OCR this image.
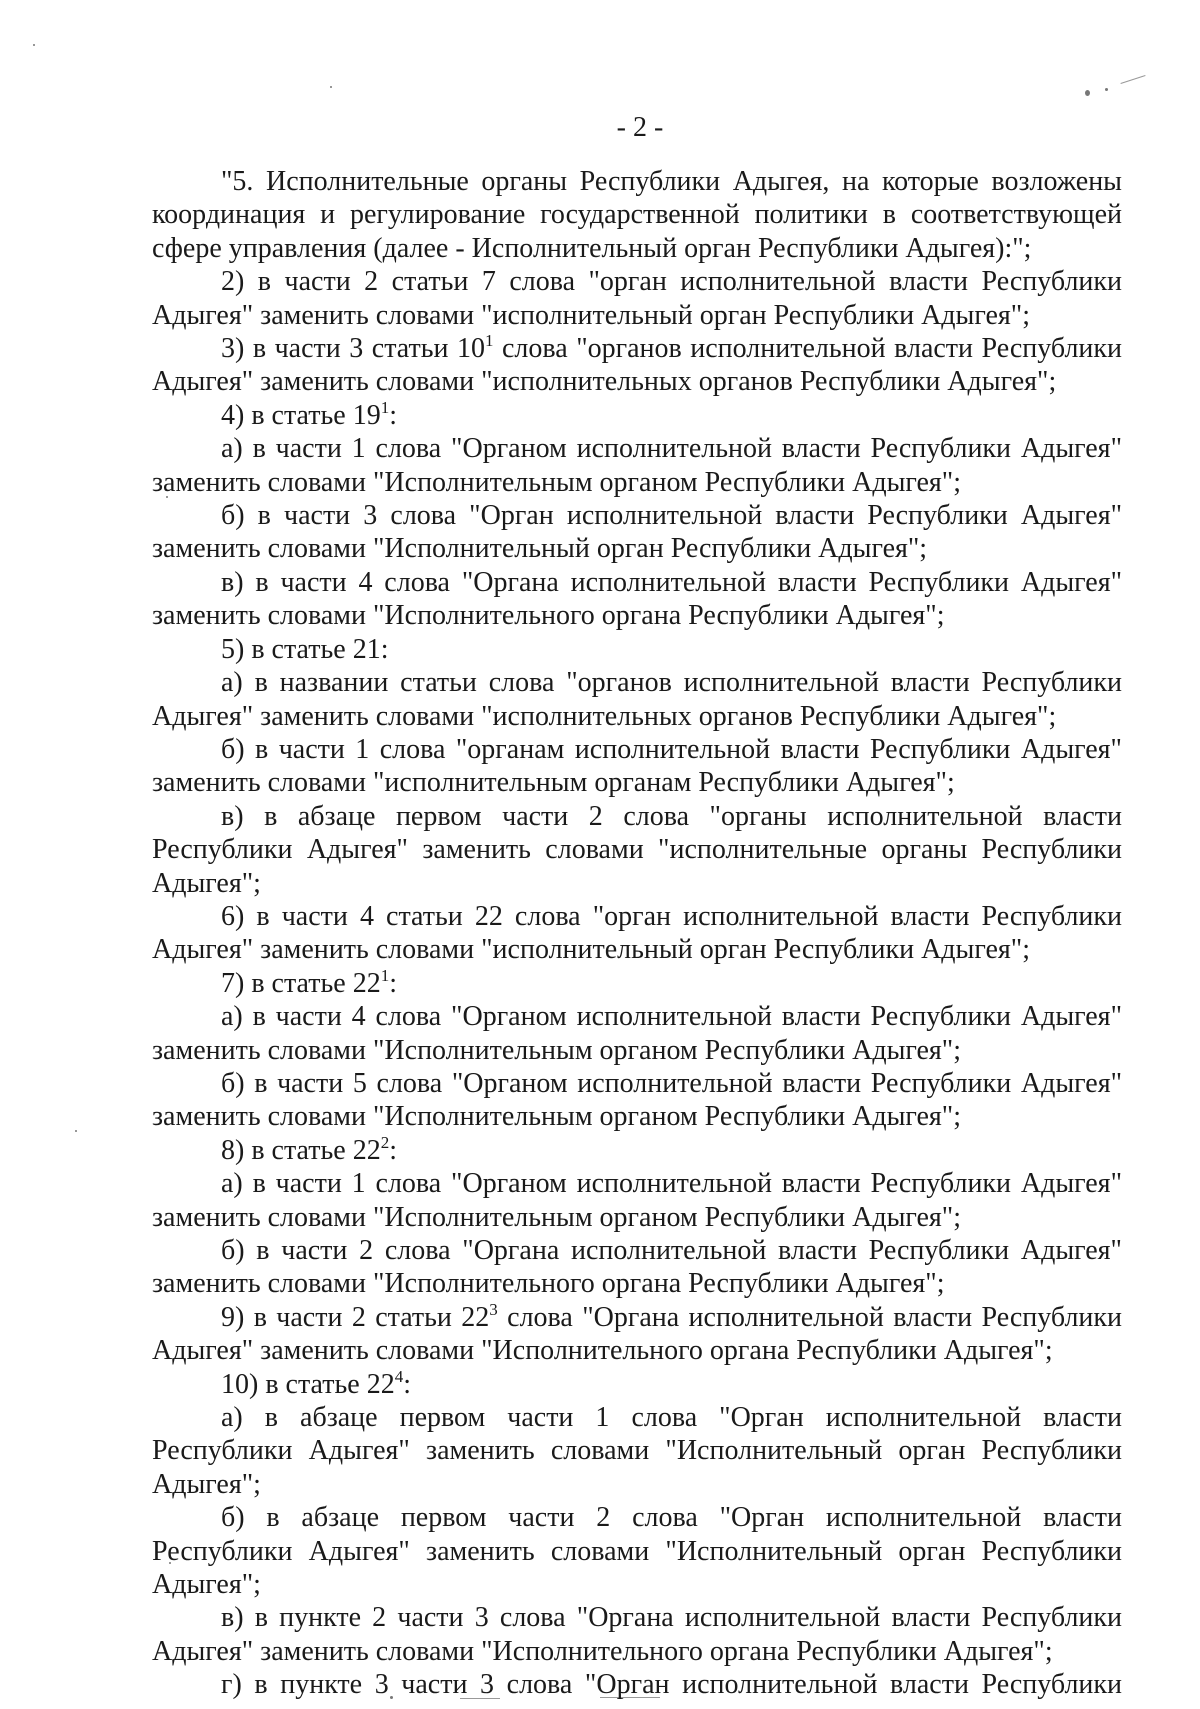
- 2 -

"5. Исполнительные органы Республики Адыгея, на которые возложены координация и регулирование государственной политики в соответствующей сфере управления (далее - Исполнительный орган Республики Адыгея):";

2) в части 2 статьи 7 слова "орган исполнительной власти Республики Адыгея" заменить словами "исполнительный орган Республики Адыгея";

3) в части 3 статьи $10^1$ слова "органов исполнительной власти Республики Адыгея" заменить словами "исполнительных органов Республики Адыгея";

4) в статье $19^1$:

а) в части 1 слова "Органом исполнительной власти Республики Адыгея" заменить словами "Исполнительным органом Республики Адыгея";

б) в части 3 слова "Орган исполнительной власти Республики Адыгея" заменить словами "Исполнительный орган Республики Адыгея";

в) в части 4 слова "Органа исполнительной власти Республики Адыгея" заменить словами "Исполнительного органа Республики Адыгея";

5) в статье 21:

а) в названии статьи слова "органов исполнительной власти Республики Адыгея" заменить словами "исполнительных органов Республики Адыгея";

б) в части 1 слова "органам исполнительной власти Республики Адыгея" заменить словами "исполнительным органам Республики Адыгея";

в) в абзаце первом части 2 слова "органы исполнительной власти Республики Адыгея" заменить словами "исполнительные органы Республики Адыгея";

6) в части 4 статьи 22 слова "орган исполнительной власти Республики Адыгея" заменить словами "исполнительный орган Республики Адыгея";

7) в статье $22^1$:

а) в части 4 слова "Органом исполнительной власти Республики Адыгея" заменить словами "Исполнительным органом Республики Адыгея";

б) в части 5 слова "Органом исполнительной власти Республики Адыгея" заменить словами "Исполнительным органом Республики Адыгея";

8) в статье $22^2$:

а) в части 1 слова "Органом исполнительной власти Республики Адыгея" заменить словами "Исполнительным органом Республики Адыгея";

б) в части 2 слова "Органа исполнительной власти Республики Адыгея" заменить словами "Исполнительного органа Республики Адыгея";

9) в части 2 статьи $22^3$ слова "Органа исполнительной власти Республики Адыгея" заменить словами "Исполнительного органа Республики Адыгея";

10) в статье $22^4$:

а) в абзаце первом части 1 слова "Орган исполнительной власти Республики Адыгея" заменить словами "Исполнительный орган Республики Адыгея";

б) в абзаце первом части 2 слова "Орган исполнительной власти Республики Адыгея" заменить словами "Исполнительный орган Республики Адыгея";

в) в пункте 2 части 3 слова "Органа исполнительной власти Республики Адыгея" заменить словами "Исполнительного органа Республики Адыгея";

г) в пункте 3 части 3 слова "Орган исполнительной власти Республики
